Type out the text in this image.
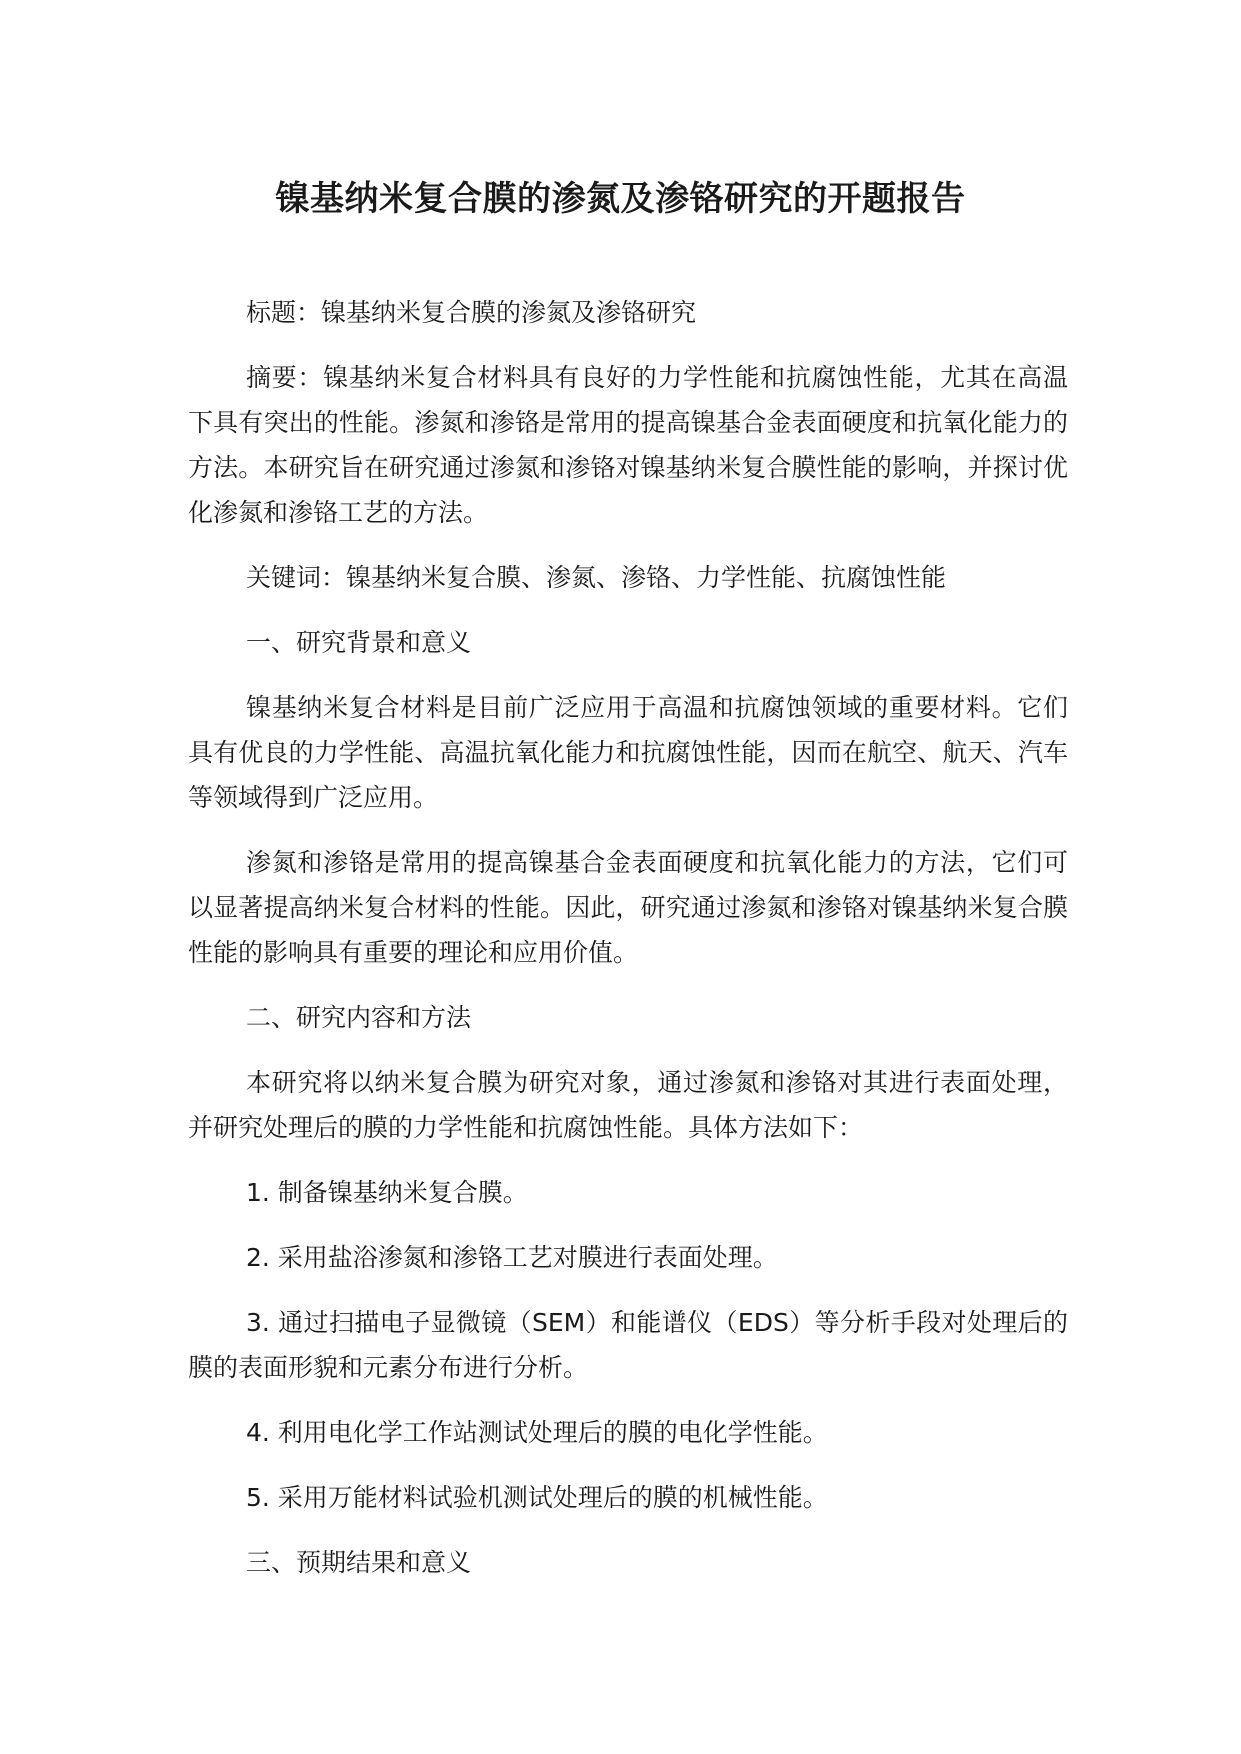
镍基纳米复合膜的渗氮及渗铬研究的开题报告

标题：镍基纳米复合膜的渗氮及渗铬研究

摘要：镍基纳米复合材料具有良好的力学性能和抗腐蚀性能，尤其在高温下具有突出的性能。渗氮和渗铬是常用的提高镍基合金表面硬度和抗氧化能力的方法。本研究旨在研究通过渗氮和渗铬对镍基纳米复合膜性能的影响，并探讨优化渗氮和渗铬工艺的方法。

关键词：镍基纳米复合膜、渗氮、渗铬、力学性能、抗腐蚀性能

一、研究背景和意义

镍基纳米复合材料是目前广泛应用于高温和抗腐蚀领域的重要材料。它们具有优良的力学性能、高温抗氧化能力和抗腐蚀性能，因而在航空、航天、汽车等领域得到广泛应用。

渗氮和渗铬是常用的提高镍基合金表面硬度和抗氧化能力的方法，它们可以显著提高纳米复合材料的性能。因此，研究通过渗氮和渗铬对镍基纳米复合膜性能的影响具有重要的理论和应用价值。

二、研究内容和方法

本研究将以纳米复合膜为研究对象，通过渗氮和渗铬对其进行表面处理，并研究处理后的膜的力学性能和抗腐蚀性能。具体方法如下：

1. 制备镍基纳米复合膜。

2. 采用盐浴渗氮和渗铬工艺对膜进行表面处理。

3. 通过扫描电子显微镜（SEM）和能谱仪（EDS）等分析手段对处理后的膜的表面形貌和元素分布进行分析。

4. 利用电化学工作站测试处理后的膜的电化学性能。

5. 采用万能材料试验机测试处理后的膜的机械性能。

三、预期结果和意义
